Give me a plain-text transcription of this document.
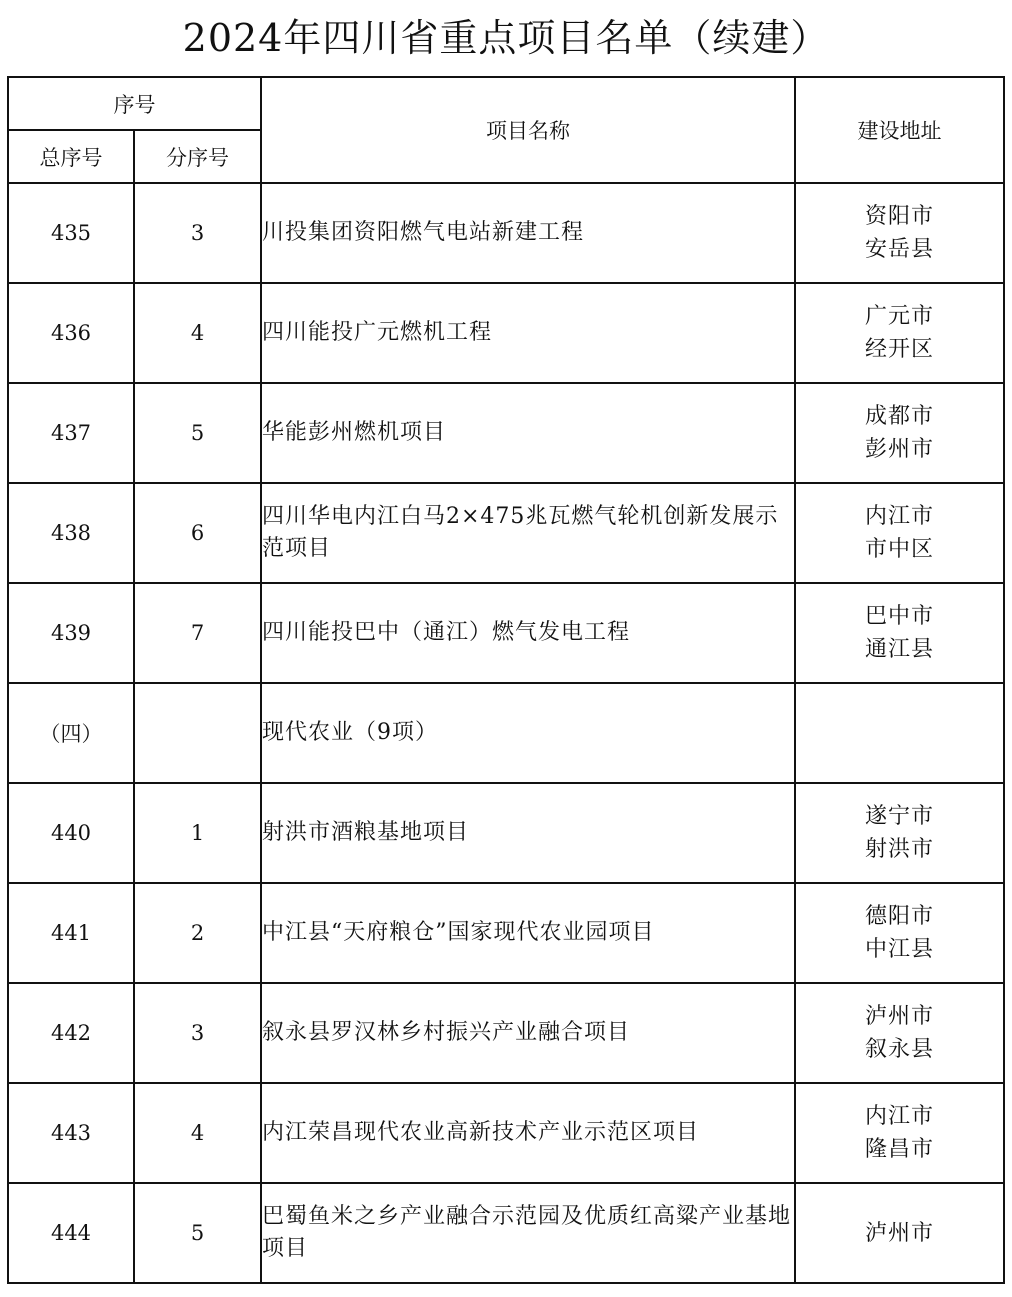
2024年四川省重点项目名单（续建）
序号		项目名称	建设地址
总序号	分序号		
435	3	川投集团资阳燃气电站新建工程	资阳市
安岳县

436	4	四川能投广元燃机工程	广元市
经开区

437	5	华能彭州燃机项目	成都市
彭州市

438	6	四川华电内江白马2×475兆瓦燃气轮机创新发展示范项目	内江市
市中区

439	7	四川能投巴中（通江）燃气发电工程	巴中市
通江县

（四）		现代农业（9项）	

440	1	射洪市酒粮基地项目	遂宁市
射洪市

441	2	中江县“天府粮仓”国家现代农业园项目	德阳市
中江县

442	3	叙永县罗汉林乡村振兴产业融合项目	泸州市
叙永县

443	4	内江荣昌现代农业高新技术产业示范区项目	内江市
隆昌市

444	5	巴蜀鱼米之乡产业融合示范园及优质红高粱产业基地项目	泸州市
